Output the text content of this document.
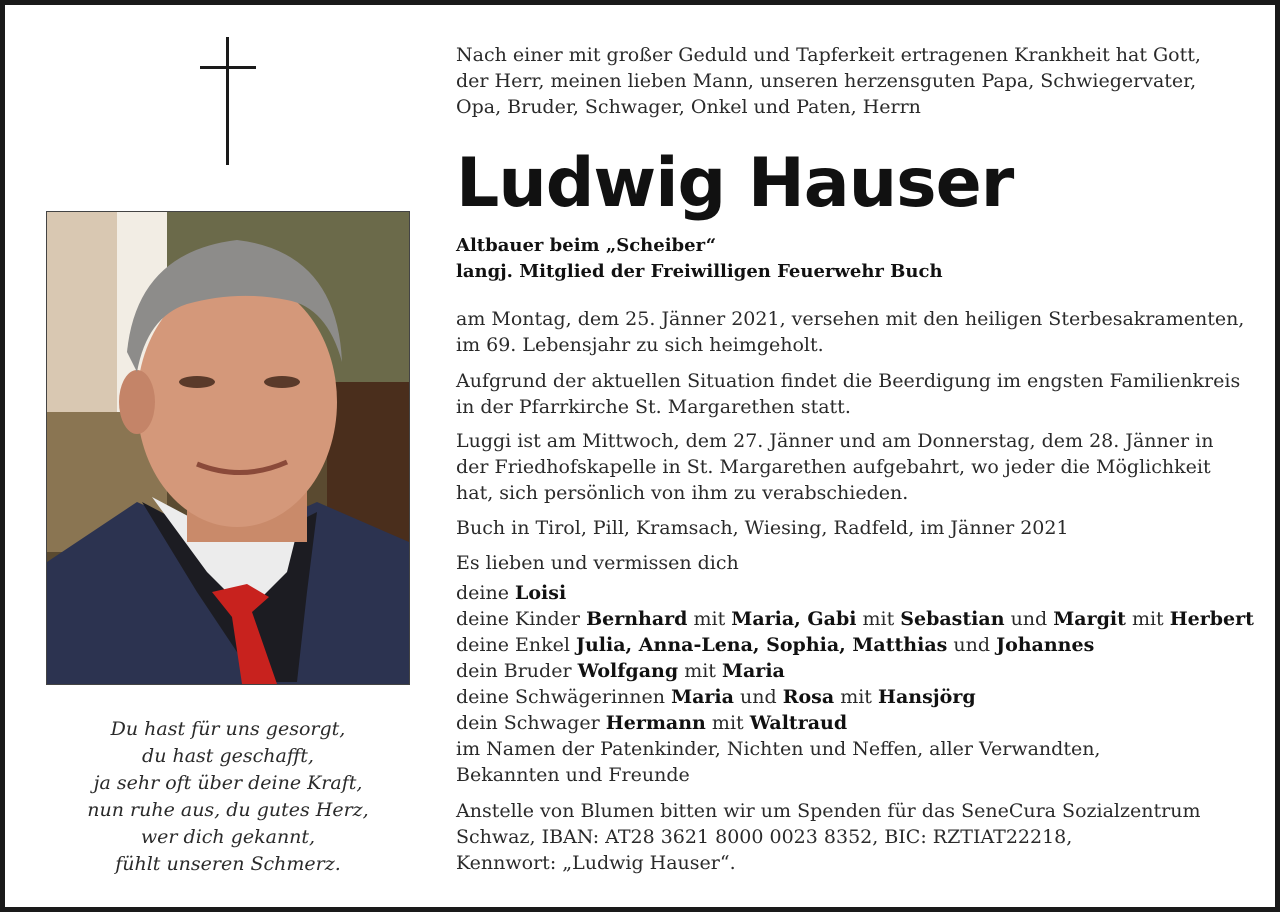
Du hast für uns gesorgt,
du hast geschafft,
ja sehr oft über deine Kraft,
nun ruhe aus, du gutes Herz,
wer dich gekannt,
fühlt unseren Schmerz.
Nach einer mit großer Geduld und Tapferkeit ertragenen Krankheit hat Gott,
der Herr, meinen lieben Mann, unseren herzensguten Papa, Schwiegervater,
Opa, Bruder, Schwager, Onkel und Paten, Herrn
Ludwig Hauser
Altbauer beim „Scheiber“
langj. Mitglied der Freiwilligen Feuerwehr Buch
am Montag, dem 25. Jänner 2021, versehen mit den heiligen Sterbesakramenten,
im 69. Lebensjahr zu sich heimgeholt.
Aufgrund der aktuellen Situation findet die Beerdigung im engsten Familienkreis
in der Pfarrkirche St. Margarethen statt.
Luggi ist am Mittwoch, dem 27. Jänner und am Donnerstag, dem 28. Jänner in
der Friedhofskapelle in St. Margarethen aufgebahrt, wo jeder die Möglichkeit
hat, sich persönlich von ihm zu verabschieden.
Buch in Tirol, Pill, Kramsach, Wiesing, Radfeld, im Jänner 2021
Es lieben und vermissen dich
deine Loisi
deine Kinder Bernhard mit Maria, Gabi mit Sebastian und Margit mit Herbert
deine Enkel Julia, Anna-Lena, Sophia, Matthias und Johannes
dein Bruder Wolfgang mit Maria
deine Schwägerinnen Maria und Rosa mit Hansjörg
dein Schwager Hermann mit Waltraud
im Namen der Patenkinder, Nichten und Neffen, aller Verwandten,
Bekannten und Freunde
Anstelle von Blumen bitten wir um Spenden für das SeneCura Sozialzentrum
Schwaz, IBAN: AT28 3621 8000 0023 8352, BIC: RZTIAT22218,
Kennwort: „Ludwig Hauser“.
